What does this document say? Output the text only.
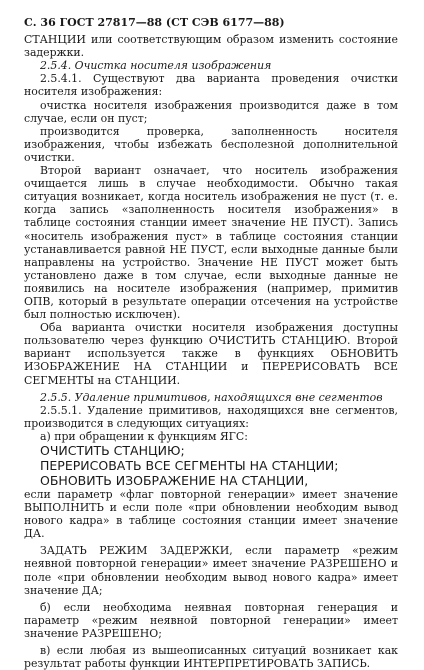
С. 36 ГОСТ 27817—88 (СТ СЭВ 6177—88)

СТАНЦИИ или соответствующим образом изменить состояние задержки.

2.5.4. Очистка носителя изображения

2.5.4.1. Существуют два варианта проведения очистки носителя изображения:

очистка носителя изображения производится даже в том случае, если он пуст;

производится проверка, заполненность носителя изображения, чтобы избежать бесполезной дополнительной очистки.

Второй вариант означает, что носитель изображения очищается лишь в случае необходимости. Обычно такая ситуация возникает, когда носитель изображения не пуст (т. е. когда запись «заполненность носителя изображения» в таблице состояния станции имеет значение НЕ ПУСТ). Запись «носитель изображения пуст» в таблице состояния станции устанавливается равной НЕ ПУСТ, если выходные данные были направлены на устройство. Значение НЕ ПУСТ может быть установлено даже в том случае, если выходные данные не появились на носителе изображения (например, примитив ОПВ, который в результате операции отсечения на устройстве был полностью исключен).

Оба варианта очистки носителя изображения доступны пользователю через функцию ОЧИСТИТЬ СТАНЦИЮ. Второй вариант используется также в функциях ОБНОВИТЬ ИЗОБРАЖЕНИЕ НА СТАНЦИИ и ПЕРЕРИСОВАТЬ ВСЕ СЕГМЕНТЫ на СТАНЦИИ.

2.5.5. Удаление примитивов, находящихся вне сегментов

2.5.5.1. Удаление примитивов, находящихся вне сегментов, производится в следующих ситуациях:

а) при обращении к функциям ЯГС:

ОЧИСТИТЬ СТАНЦИЮ;

ПЕРЕРИСОВАТЬ ВСЕ СЕГМЕНТЫ НА СТАНЦИИ;

ОБНОВИТЬ ИЗОБРАЖЕНИЕ НА СТАНЦИИ,

если параметр «флаг повторной генерации» имеет значение ВЫПОЛНИТЬ и если поле «при обновлении необходим вывод нового кадра» в таблице состояния станции имеет значение ДА.

ЗАДАТЬ РЕЖИМ ЗАДЕРЖКИ, если параметр «режим неявной повторной генерации» имеет значение РАЗРЕШЕНО и поле «при обновлении необходим вывод нового кадра» имеет значение ДА;

б) если необходима неявная повторная генерация и параметр «режим неявной повторной генерации» имеет значение РАЗРЕШЕНО;

в) если любая из вышеописанных ситуаций возникает как результат работы функции ИНТЕРПРЕТИРОВАТЬ ЗАПИСЬ.
